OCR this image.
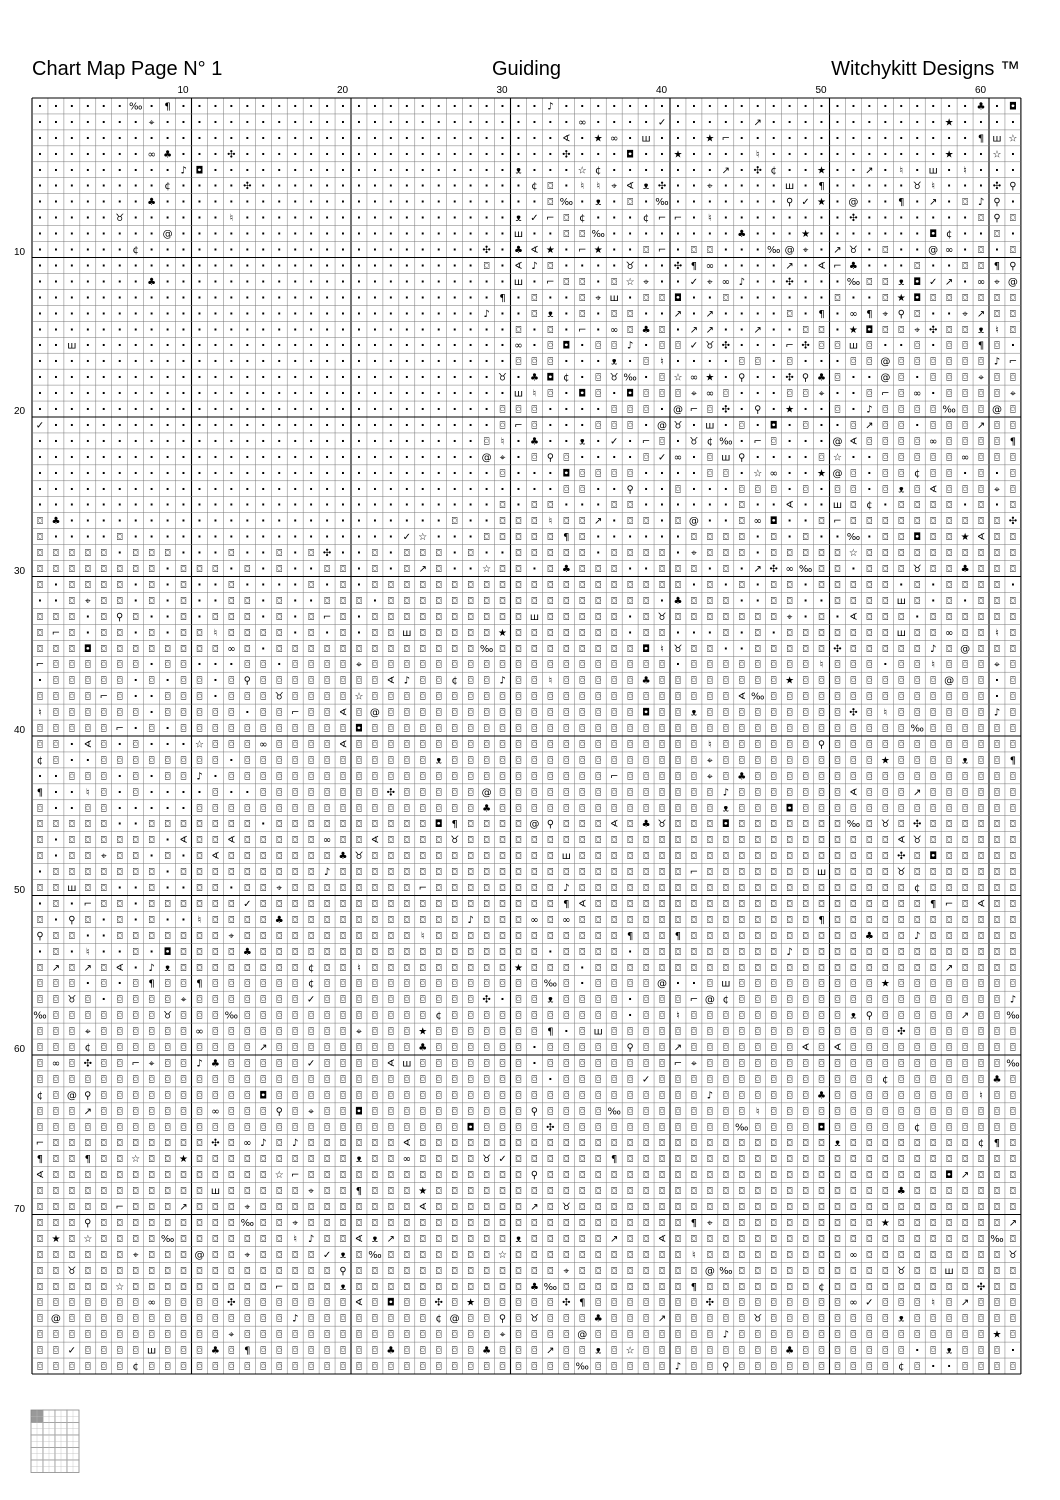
Chart Map Page N° 1	Guiding	Witchykitt Designs ™
10	20	30	40	50	60
10
20
30
40
50
60
70
· · · · · · ‰ · ¶ · · · · · · · · · · · · · · · · · · · · · · · ♪ · · · · · · · · · · · · · · · · · · · · · · · · · · ♣ · ◘
· · · · · · · ⌖ · · · · · · · · · · · · · · · · · · · · · · · · · · ∞ · · · · ✓ · · · · · ↗ · · · · · · · · · · · ★ · · · ·
· · · · · · · · · · · · · · · · · · · · · · · · · · · · · · · · · ∢ · ★ ∞ · ш · · · ★ ⌐ · · · · · · · · · · · · · · · ¶ ш ☆
· · · · · · · ∞ ♣ · · · ✣ · · · · · · · · · · · · · · · · · · · · ✣ · · · ◘ · · ★ · · · · ♮ · · · · · · · · · · · ★ · · ☆ ·
· · · · · · · · · ♪ ◘ · · · · · · · · · · · · · · · · · · · ᴥ · · · ☆ ¢ · · · · · · · ↗ · ✣ ¢ · · ★ · · ↗ · ♮ · ш · ♮ · · ·
· · · · · · · · ¢ · · · · ✣ · · · · · · · · · · · · · · · · · ¢ ⌼ · ♮ ♮ ⌖ ∢ ᴥ ✣ · · ⌖ · · · · ш · ¶ · · · · · ♉ ♮ · · · ✣ ⚲
· · · · · · · ♣ · · · · · · · · · · · · · · · · · · · · · · · · ⌼ ‰ · ᴥ · ⌼ · ‰ · · · · · · · ⚲ ✓ ★ · @ · · ¶ · ↗ · ⌼ ♪ ⚲ ·
· · · · · ♉ · · · · · · ♮ · · · · · · · · · · · · · · · · · ᴥ ✓ ⌐ ⌼ ¢ · · · ¢ ⌐ ⌐ · ♮ · · · · · · · · ✣ · · · · · · · ⌼ ⚲ ⌼
· · · · · · · · @ · · · · · · · · · · · · · · · · · · · · · ш · · ⌼ ⌼ ‰ · · · · · · · · ♣ · · · ★ · · · · · · · ◘ ¢ · · ⌼ ·
· · · · · · ¢ · · · · · · · · · · · · · · · · · · · · · ✣ · ♣ ∢ ★ · ⌐ ★ · · ⌼ ⌐ · ⌼ ⌼ · · · ‰ @ ⌖ · ↗ ♉ · ⌼ · · @ ∞ · ⌼ · ⌼
· · · · · · · · · · · · · · · · · · · · · · · · · · · · ⌼ · ∢ ♪ ⌼ · · · · ♉ · · ✣ ¶ ∞ · · · · ↗ · ∢ ⌐ ♣ · · · ⌼ · · ⌼ ⌼ ¶ ⚲
· · · · · · · ♣ · · · · · · · · · · · · · · · · · · · · · · ш · ⌐ ⌼ ⌼ · ⌼ ☆ ⌖ · · ✓ ⌖ ∞ ♪ · · ✣ · · · ‰ ⌼ ⌼ ᴥ ◘ ✓ ↗ · ∞ ⌖ @
· · · · · · · · · · · · · · · · · · · · · · · · · · · · · ¶ · ⌼ · · ⌼ ⌖ ш · ⌼ ⌼ ◘ · · ⌼ · · · · · · ⌼ · · ⌼ ★ ◘ ⌼ ⌼ ⌼ ⌼ ⌼ ⌼
· · · · · · · · · · · · · · · · · · · · · · · · · · · · ♪ · · ⌼ ᴥ · ⌼ · ⌼ ⌼ · · ↗ · ↗ · · · · ⌼ · ¶ · ∞ ¶ ⌖ ⚲ ⌼ · · ⌖ ↗ ⌼ ⌼
· · · · · · · · · · · · · · · · · · · · · · · · · · · · · · ⌼ · ⌼ · ⌐ · ∞ ⌼ ♣ ⌼ · ↗ ↗ · · ↗ · · ⌼ ⌼ · ★ ◘ ⌼ ⌼ ⌖ ✣ ⌼ ⌼ ᴥ ♮ ⌼
· · ш · · · · · · · · · · · · · · · · · · · · · · · · · · · ∞ · ⌼ ◘ · ⌼ ⌼ ♪ · ⌼ ⌼ ✓ ♉ ✣ · · · ⌐ ✣ ⌼ ⌼ ш ⌼ · · ⌼ · ⌼ ⌼ ¶ ⌼ ·
· · · · · · · · · · · · · · · · · · · · · · · · · · · · · · ⌼ ⌼ ⌼ · · · ᴥ · ⌼ ♮ · · · · ⌼ ⌼ · ⌼ · · · ⌼ ⌼ @ ⌼ ⌼ ⌼ ⌼ ⌼ ⌼ ♪ ⌐
· · · · · · · · · · · · · · · · · · · · · · · · · · · · · ♉ · ♣ ◘ ¢ · ⌼ ♉ ‰ · ⌼ ☆ ∞ ★ · ⚲ · · ✣ ⚲ ♣ ⌼ · · @ ⌼ · ⌼ ⌼ ⌼ ⌖ ⌼ ⌼
· · · · · · · · · · · · · · · · · · · · · · · · · · · · · · ш ♮ ⌼ · ◘ ⌼ · ◘ ⌼ ⌼ ⌼ ⌖ ∞ ⌼ · · · ⌼ ⌼ ⌖ · · ⌼ ⌐ ⌼ ∞ · ⌼ ⌼ ⌼ ⌼ ⌖
· · · · · · · · · · · · · · · · · · · · · · · · · · · · · ⌼ ⌼ ⌼ · · · · ⌼ ⌼ ⌼ · @ ⌐ ⌼ ✣ · ⚲ · ★ · · ⌼ · ♪ ⌼ ⌼ ⌼ ⌼ ‰ ⌼ ⌼ @ ⌼
✓ · · · · · · · · · · · · · · · · · · · · · · · · · · · · ⌼ ⌐ ⌼ · · · ⌼ ⌼ ⌼ · @ ♉ · ш · ⌼ · ◘ · ⌼ · · ⌼ ↗ ⌼ ⌼ · ⌼ ⌼ ⌼ ↗ ⌼ ⌼
· · · · · · · · · · · · · · · · · · · · · · · · · · · · ⌼ ♮ · ♣ · · ᴥ · ✓ · ⌐ ⌼ · ♉ ¢ ‰ · ⌐ ⌼ · · · @ ∢ ⌼ ⌼ ⌼ ⌼ ∞ ⌼ ⌼ ⌼ ⌼ ¶
· · · · · · · · · · · · · · · · · · · · · · · · · · · · @ ⌖ · ⌼ ⚲ ⌼ · · · · ⌼ ✓ ∞ · ⌼ ш ⚲ · · · · ⌼ ☆ · · ⌼ ⌼ ⌼ ⌼ ⌼ ∞ ⌼ ⌼ ⌼
· · · · · · · · · · · · · · · · · · · · · · · · · · · · · ⌼ · · · ◘ ⌼ ⌼ ⌼ ⌼ · · · · ⌼ ⌼ · ☆ ∞ · · ★ @ ⌼ · ⌼ ⌼ ¢ ⌼ ⌼ · ⌼ · ⌼
· · · · · · · · · · · · · · · · · · · · · · · · · · · · · · · · · ⌼ ⌼ · · ⚲ · · ⌼ · · · ⌼ ⌼ ⌼ · ⌼ · ⌼ ⌼ · ⌼ ᴥ ⌼ ∢ ⌼ ⌼ ⌼ ⌖ ⌼
· · · · · · · · · · · · · · · · · · · · · · · · · · · · · ⌼ · ⌼ ⌼ · · · ⌼ ⌼ · · · · · · ⌼ · · ∢ · · ш ⌼ ¢ · ⌼ ⌼ ⌼ ⌼ · ⌼ · ⌼
⌼ ♣ · · · · · · · · · · · · · · · · · · · · · · · · ⌼ · · ⌼ ⌼ ⌼ ♮ ⌼ ⌼ ↗ · ⌼ ⌼ · ⌼ @ · · ⌼ ∞ ◘ · · ⌼ ⌐ ⌼ ⌼ ⌼ ⌼ ⌼ ⌼ ⌼ ⌼ ⌼ ⌼ ✣
⌼ · · · · ⌼ · · · · · · · · · · · · · · · · · ✓ ☆ · · · ⌼ ⌼ ⌼ ⌼ ⌼ ¶ ⌼ · · · · · · ⌼ ⌼ ⌼ ⌼ · ⌼ · ⌼ · · ‰ · ⌼ ⌼ ◘ ⌼ ⌼ ★ ∢ ⌼ ⌼
⌼ ⌼ ⌼ ⌼ ⌼ · ⌼ ⌼ ⌼ · · · ⌼ · · ⌼ · ⌼ ✣ · · ⌼ · ⌼ ⌼ ⌼ · ⌼ · · ⌼ ⌼ ⌼ ⌼ ⌼ · ⌼ ⌼ ⌼ ⌼ · ⌖ ⌼ ⌼ ⌼ · ⌼ ⌼ ⌼ ⌼ ⌼ ☆ ⌼ ⌼ ⌼ ⌼ ⌼ ⌼ ⌼ ⌼ ⌼ ⌼
⌼ ⌼ ⌼ ⌼ ⌼ ⌼ ⌼ ⌼ · ⌼ ⌼ ⌼ · ⌼ · ⌼ · · ⌼ ⌼ · ⌼ · ⌼ ↗ ⌼ · · ☆ ⌼ ⌼ · ⌼ ♣ ⌼ ⌼ ⌼ · · ⌼ ⌼ ⌼ · ⌼ · ↗ ✣ ∞ ‰ ⌼ ⌼ · ⌼ ⌼ ⌼ ♉ ⌼ ⌼ ♣ ⌼ ⌼ ⌼
⌼ · ⌼ ⌼ ⌼ ⌼ · ⌼ · ⌼ · · ⌼ · · · · ⌼ · ⌼ · ⌼ ⌼ ⌼ ⌼ ⌼ ⌼ ⌼ ⌼ ⌼ ⌼ ⌼ ⌼ ⌼ ⌼ ⌼ ⌼ ⌼ ⌼ ⌼ ⌼ · ⌼ · ⌼ · ⌼ ⌼ · ⌼ ⌼ ⌼ ⌼ ⌼ · ⌼ · ⌼ ⌼ ⌼ ⌼ ·
· · ⌼ ⌖ ⌼ ⌼ · ⌼ · ⌼ · · ⌼ ⌼ · ⌼ · · ⌼ ⌼ ⌼ · ⌼ ⌼ ⌼ ⌼ ⌼ ⌼ ⌼ ⌼ ⌼ ⌼ ⌼ ⌼ ⌼ ⌼ ⌼ ⌼ ⌼ · ♣ ⌼ ⌼ ⌼ · · ⌼ ⌼ · · ⌼ ⌼ ⌼ ⌼ ш ⌼ · ⌼ · ⌼ ⌼ ⌼
⌼ ⌼ ⌼ · ⌼ ⚲ ⌼ · · ⌼ · ⌼ ⌼ ⌼ · ⌼ · ⌼ ⌐ ⌼ · ⌼ ⌼ ⌼ ⌼ ⌼ ⌼ ⌼ ⌼ ⌼ ⌼ ш ⌼ ⌼ ⌼ ⌼ ⌼ · ⌼ ♉ ⌼ ⌼ ⌼ ⌼ ⌼ ⌼ ⌼ ⌖ · ⌼ · ∢ ⌼ ⌼ ⌼ · ⌼ ⌼ ⌼ ⌼ ⌼ ⌼
⌼ ⌐ ⌼ · ⌼ ⌼ · ⌼ · ⌼ ⌼ ♮ ⌼ ⌼ ⌼ ⌼ · ⌼ · ⌼ · ⌼ ⌼ ш ⌼ ⌼ ⌼ ⌼ ⌼ ★ ⌼ ⌼ ⌼ ⌼ ⌼ ⌼ ⌼ · ⌼ ⌼ · · · ⌼ · ⌼ · ⌼ ⌼ ⌼ ⌼ ⌼ ⌼ ⌼ ш ⌼ ⌼ ∞ ⌼ ⌼ ♮ ⌼
⌼ ⌼ ⌼ ◘ ⌼ ⌼ ⌼ ⌼ ⌼ ⌼ ⌼ ⌼ ∞ ⌼ · ⌼ ⌼ ⌼ ⌼ ⌼ ⌼ ⌼ ⌼ ⌼ ⌼ ⌼ ⌼ ⌼ ‰ ⌼ ⌼ ⌼ ⌼ ⌼ ⌼ ⌼ ⌼ ⌼ ◘ ♮ ♉ ⌼ ⌼ · · ⌼ ⌼ ⌼ ⌼ ⌼ ✣ ⌼ ⌼ ⌼ ⌼ ⌼ ♪ ⌼ @ ⌼ ⌼ ⌼
⌐ ⌼ ⌼ ⌼ ⌼ ⌼ ⌼ · ⌼ ⌼ · · · ⌼ ⌼ · ⌼ ⌼ ⌼ ⌼ ⌖ ⌼ ⌼ ⌼ ⌼ ⌼ ⌼ ⌼ ⌼ ⌼ ⌼ ⌼ ⌼ ⌼ ⌼ ⌼ ⌼ ⌼ ⌼ ⌼ · ⌼ ⌼ ⌼ ⌼ ⌼ ⌼ ⌼ ⌼ ♮ ⌼ ⌼ ⌼ · ⌼ ⌼ ♮ ⌼ ⌼ ⌼ ⌖ ⌼
· ⌼ ⌼ ⌼ ⌼ ⌼ · ⌼ · ⌼ ⌼ · ⌼ ⚲ ⌼ ⌼ ⌼ ⌼ ⌼ ⌼ ⌼ ⌼ ∢ ♪ ⌼ ⌼ ¢ ⌼ ⌼ ♪ ⌼ ⌼ ♮ ⌼ ⌼ ⌼ ⌼ ⌼ ♣ ⌼ ⌼ ⌼ ⌼ ⌼ ⌼ ⌼ ⌼ ★ ⌼ ⌼ ⌼ ⌼ ⌼ ⌼ ⌼ ⌼ ⌼ @ ⌼ ⌼ · ⌼
⌼ ⌼ ⌼ ⌼ ⌐ ⌼ · · ⌼ ⌼ ⌼ · ⌼ ⌼ ⌼ ♉ ⌼ ⌼ ⌼ ⌼ ☆ ⌼ ⌼ ⌼ ⌼ ⌼ ⌼ ⌼ ⌼ ⌼ ⌼ ⌼ ⌼ ⌼ ⌼ ⌼ ⌼ ⌼ ⌼ ⌼ ⌼ ⌼ ⌼ ⌼ ∢ ‰ ⌼ ⌼ ⌼ ⌼ ⌼ ⌼ ⌼ ⌼ ⌼ ⌼ ⌼ ⌼ ⌼ ⌼ · ⌼
♮ ⌼ ⌼ ⌼ ⌼ ⌼ ⌼ · ⌼ ⌼ ⌼ ⌼ ⌼ · ⌼ ⌼ ⌐ ⌼ ⌼ ∢ ⌼ @ ⌼ ⌼ ⌼ ⌼ ⌼ ⌼ ⌼ ⌼ ⌼ ⌼ ⌼ ⌼ ⌼ ⌼ ⌼ ⌼ ◘ ⌼ ⌼ ᴥ ⌼ ⌼ ⌼ ⌼ ⌼ ⌼ ⌼ ⌼ ⌼ ✣ ⌼ ♮ ⌼ ⌼ ⌼ ⌼ ⌼ ⌼ ♪ ⌼
⌼ ⌼ ⌼ ⌼ ⌼ ⌐ · ⌼ · ⌼ ⌼ ⌼ ⌼ ⌼ ⌼ ⌼ ⌼ ⌼ ⌼ ⌼ ◘ ⌼ ⌼ ⌼ ⌼ ⌼ ⌼ ⌼ ⌼ ⌼ ⌼ ⌼ ⌼ ⌼ ⌼ ⌼ ⌼ ⌼ ⌼ ⌼ ⌼ ⌼ ⌼ ⌼ ⌼ ⌼ ⌼ ⌼ ⌼ ⌼ ⌼ ⌼ ⌼ ⌼ ⌼ ‰ ⌼ ⌼ ⌼ ⌼ ⌼ ⌼
⌼ ⌼ · ∢ ⌼ · ⌼ · · · ☆ ⌼ ⌼ ⌼ ∞ ⌼ ⌼ ⌼ ⌼ ∢ ⌼ ⌼ ⌼ ⌼ ⌼ ⌼ ⌼ ⌼ ⌼ ⌼ ⌼ ⌼ ⌼ ⌼ ⌼ ⌼ ⌼ ⌼ ⌼ ⌼ ⌼ ⌼ ♮ ⌼ ⌼ ⌼ ⌼ ⌼ ⌼ ⚲ ⌼ ⌼ ⌼ ⌼ ⌼ ⌼ ⌼ ⌼ ⌼ ⌼ ⌼ ⌼
¢ ⌼ · · ⌼ ⌼ ⌼ ⌼ ⌼ ⌼ ⌼ ⌼ · ⌼ ⌼ ⌼ ⌼ ⌼ ⌼ ⌼ ⌼ ⌼ ⌼ ⌼ ⌼ ᴥ ⌼ ⌼ ⌼ ⌼ ⌼ ⌼ ⌼ ⌼ ⌼ ⌼ ⌼ ⌼ ⌼ ⌼ ⌼ ⌼ ⌖ ⌼ ⌼ ⌼ ⌼ ⌼ ⌼ ⌼ ⌼ ⌼ ⌼ ★ ⌼ ⌼ ⌼ ⌼ ᴥ ⌼ ⌼ ¶
· · ⌼ ⌼ ⌼ · ⌼ · ⌼ ⌼ ♪ · ⌼ ⌼ ⌼ ⌼ ⌼ ⌼ ⌼ ⌼ ⌼ ⌼ ⌼ ⌼ ⌼ ⌼ ⌼ ⌼ ⌼ ⌼ ⌼ ⌼ ⌼ ⌼ ⌼ ⌼ ⌐ ⌼ ⌼ ⌼ ⌼ ⌼ ⌖ ⌼ ♣ ⌼ ⌼ ⌼ ⌼ ⌼ ⌼ ⌼ ⌼ ⌼ ⌼ ⌼ ⌼ ⌼ ⌼ ⌼ ⌼ ⌼
¶ · · ♮ ⌼ · ⌼ · · · · ⌼ · · ⌼ ⌼ ⌼ ⌼ ⌼ ⌼ ⌼ ⌼ ✣ ⌼ ⌼ ⌼ ⌼ ⌼ @ ⌼ ⌼ ⌼ ⌼ ⌼ ⌼ ⌼ ⌼ ⌼ ⌼ ⌼ ⌼ ⌼ ⌼ ♪ ⌼ ⌼ ⌼ ⌼ ⌼ ⌼ ⌼ ∢ ⌼ ⌼ ⌼ ↗ ⌼ ⌼ ⌼ ⌼ ⌼ ⌼
⌼ · · ⌼ ⌼ · · · · · ⌼ ⌼ ⌼ ⌼ ⌼ ⌼ ⌼ ⌼ ⌼ ⌼ ⌼ ⌼ ⌼ ⌼ ⌼ ⌼ ⌼ ⌼ ♣ ⌼ ⌼ ⌼ ⌼ ⌼ ⌼ ⌼ ⌼ ⌼ ⌼ ⌼ ⌼ ⌼ ⌼ ᴥ ⌼ ⌼ ⌼ ◘ ⌼ ⌼ ⌼ ⌼ ⌼ ⌼ ⌼ ⌼ ⌼ ⌼ ⌼ ⌼ ⌼ ⌼
⌼ ⌼ ⌼ ⌼ ⌼ · · ⌼ ⌼ ⌼ ⌼ ⌼ ⌼ ⌼ · ⌼ ⌼ ⌼ ⌼ ⌼ ⌼ ⌼ ⌼ ⌼ ⌼ ◘ ¶ ⌼ ⌼ ⌼ ⌼ @ ⚲ ⌼ ⌼ ⌼ ∢ ⌼ ♣ ♉ ⌼ ⌼ ⌼ ◘ ⌼ ⌼ ⌼ ⌼ ⌼ ⌼ ⌼ ‰ ⌼ ♉ ⌼ ✣ ⌼ ⌼ ⌼ ⌼ ⌼ ⌼
⌼ · ⌼ ⌼ ⌼ ⌼ ⌼ ⌼ · ∢ ⌼ ⌼ ∢ ⌼ ⌼ ⌼ ⌼ ⌼ ∞ ⌼ ⌼ ∢ ⌼ ⌼ ⌼ ⌼ ♉ ⌼ ⌼ ⌼ ⌼ ⌼ ⌼ ⌼ ⌼ ⌼ ⌼ ⌼ ⌼ ⌼ ⌼ ⌼ ⌼ ⌼ ⌼ ⌼ ⌼ ⌼ ⌼ ⌼ ⌼ ⌼ ⌼ ⌼ ∢ ♉ ⌼ ⌼ ⌼ ⌼ ⌼ ⌼
⌼ · ⌼ ⌼ ⌖ ⌼ ⌼ · ⌼ · ⌼ ∢ ⌼ ⌼ ⌼ ⌼ ⌼ ⌼ ⌼ ♣ ♉ ⌼ ⌼ ⌼ ⌼ ⌼ ⌼ ⌼ ⌼ ⌼ ⌼ ⌼ ⌼ ш ⌼ ⌼ ⌼ ⌼ ⌼ ⌼ ⌼ ⌼ ⌼ ⌼ ⌼ ⌼ ⌼ ⌼ ⌼ ⌼ ⌼ ⌼ ⌼ ⌼ ✣ ⌼ ◘ ⌼ ⌼ ⌼ ⌼ ⌼
· ⌼ ⌼ ⌼ ⌼ ⌼ ⌼ ⌼ · ⌼ ⌼ ⌼ ⌼ ⌼ ⌼ ⌼ ⌼ ⌼ ♪ ⌼ ⌼ ⌼ ⌼ ⌼ ⌼ ⌼ ⌼ ⌼ ⌼ ⌼ ⌼ ⌼ ⌼ ⌼ ⌼ ⌼ ⌼ ⌼ ⌼ ⌼ ⌼ ⌐ ⌼ ⌼ ⌼ ⌼ ⌼ ⌼ ⌼ ш ⌼ ⌼ ⌼ ⌼ ♉ ⌼ ⌼ ⌼ ⌼ ⌼ ⌼ ⌼
⌼ ⌼ ш ⌼ ⌼ · · ⌼ · · ⌼ ⌼ · ⌼ ⌼ ⌖ ⌼ ⌼ ⌼ ⌼ ⌼ ⌼ ⌼ ⌼ ⌐ ⌼ ⌼ ⌼ ⌼ ⌼ ⌼ ⌼ ⌼ ♪ ⌼ ⌼ ⌼ ⌼ ⌼ ⌼ ⌼ ⌼ ⌼ ⌼ ⌼ ⌼ ⌼ ⌼ ⌼ ⌼ ⌼ ⌼ ⌼ ⌼ ⌼ ¢ ⌼ ⌼ ⌼ ⌼ ⌼ ⌼
· ⌼ · ⌐ ⌼ ⌼ · ⌼ ⌼ ⌼ ⌼ ⌼ ⌼ ✓ ⌼ ⌼ ⌼ ⌼ ⌼ ⌼ ⌼ ⌼ ⌼ ⌼ ⌼ ⌼ ⌼ ⌼ ⌼ ⌼ ⌼ ⌼ ⌼ ¶ ∢ ⌼ ⌼ ⌼ ⌼ ⌼ ⌼ ⌼ ⌼ ⌼ ⌼ ⌼ ⌼ ⌼ ⌼ ⌼ ⌼ ⌼ ⌼ ⌼ ⌼ ⌼ ¶ ⌐ ⌼ ∢ ⌼ ⌼
⌼ · ⚲ ⌼ · ⌼ · ⌼ · · ♮ ⌼ ⌼ ⌼ ⌼ ♣ ⌼ ⌼ ⌼ ⌼ ⌼ ⌼ ⌼ ⌼ ⌼ ⌼ ⌼ ♪ ⌼ ⌼ ⌼ ∞ ⌼ ∞ ⌼ ⌼ ⌼ ⌼ ⌼ ⌼ ⌼ ⌼ ⌼ ⌼ ⌼ ⌼ ⌼ ⌼ ⌼ ¶ ⌼ ⌼ ⌼ ⌼ ⌼ ⌼ ⌼ ⌼ ⌼ ⌼ ⌼ ⌼
⚲ ⌼ ⌼ · · ⌼ ⌼ ⌼ ⌼ ⌼ ⌼ ⌼ ⌖ ⌼ ⌼ ⌼ ⌼ ⌼ ⌼ ⌼ ⌼ ⌼ ⌼ ⌼ ♮ ⌼ ⌼ ⌼ ⌼ ⌼ ⌼ ⌼ ⌼ ⌼ ⌼ ⌼ ⌼ ¶ ⌼ ⌼ ¶ ⌼ ⌼ ⌼ ⌼ ⌼ ⌼ ⌼ ⌼ ⌼ ⌼ ⌼ ♣ ⌼ ⌼ ♪ ⌼ ⌼ ⌼ ⌼ ⌼ ⌼
· ⌼ · ♮ · · ⌼ · ◘ ⌼ ⌼ ⌼ ⌼ ♣ ⌼ ⌼ ⌼ ⌼ ⌼ ⌼ ⌼ ⌼ ⌼ ⌼ ⌼ ⌼ ⌼ ⌼ ⌼ ⌼ ⌼ ⌼ · ⌼ ⌼ ⌼ ⌼ · ⌼ ⌼ ⌼ ⌼ ⌼ ⌼ ⌼ ⌼ ⌼ ♪ ⌼ ⌼ ⌼ ⌼ ⌼ ⌼ ⌼ ⌼ ⌼ ⌼ ⌼ ⌼ ⌼ ⌼
⌼ ↗ ⌼ ↗ ⌼ ∢ · ♪ ᴥ ⌼ ⌼ ⌼ ⌼ ⌼ ⌼ ⌼ ⌼ ¢ ⌼ ⌼ ♮ ⌼ ⌼ ⌼ ⌼ ⌼ ⌼ ⌼ ⌼ ⌼ ★ ⌼ ⌼ ⌼ · ⌼ ⌼ ⌼ ⌼ ⌼ ⌼ ⌼ ⌼ ⌼ ⌼ ⌼ ⌼ ⌼ ⌼ ⌼ ⌼ ⌼ ⌼ ⌼ ⌼ ⌼ ⌼ ↗ ⌼ ⌼ ⌼ ⌼
⌼ ⌼ ⌼ · ⌼ · ⌼ ¶ ⌼ ⌼ ¶ ⌼ ⌼ ⌼ ⌼ ⌼ ⌼ ¢ ⌼ ⌼ ⌼ ⌼ ⌼ ⌼ ⌼ ⌼ ⌼ ⌼ ⌼ ⌼ ⌼ ⌼ ‰ ⌼ · ⌼ ⌼ ⌼ ⌼ @ · · ⌼ ш ⌼ ⌼ ⌼ ⌼ ⌼ ⌼ ⌼ ⌼ ⌼ ★ ⌼ ⌼ ⌼ ⌼ ⌼ ⌼ ⌼ ⌼
⌼ ⌼ ♉ ⌼ · ⌼ ⌼ ⌼ ⌼ ⌖ ⌼ ⌼ ⌼ ⌼ ⌼ ⌼ ⌼ ✓ ⌼ ⌼ ⌼ ⌼ ⌼ ⌼ ⌼ ⌼ ⌼ ⌼ ✣ · ⌼ ⌼ ᴥ ⌼ ⌼ ⌼ ⌼ · ⌼ ⌼ ⌼ ⌐ @ ¢ ⌼ ⌼ ⌼ ⌼ ⌼ ⌼ ⌼ ⌼ ⌼ ⌼ ⌼ ⌼ ⌼ ⌼ ⌼ ⌼ ⌼ ♪
‰ ⌼ ⌼ ⌼ ⌼ ⌼ ⌼ ⌼ ♉ ⌼ ⌼ ⌼ ‰ ⌼ ⌼ ⌼ ⌼ ⌼ ⌼ ⌼ ⌼ ⌼ ⌼ ⌼ ⌼ ¢ ⌼ ⌼ ⌼ ⌼ ⌼ ⌼ ⌼ ⌼ ⌼ ⌼ ⌼ · ⌼ ⌼ ♮ ⌼ ⌼ ⌼ ⌼ ⌼ ⌼ ⌼ ⌼ ⌼ ⌼ ᴥ ⚲ ⌼ ⌼ ⌼ ⌼ ⌼ ↗ ⌼ ⌼ ‰
⌼ ⌼ ⌼ ⌖ ⌼ ⌼ ⌼ ⌼ ⌼ ⌼ ∞ ⌼ ⌼ ⌼ ⌼ ⌼ ⌼ ⌼ ⌼ ⌼ ⌖ ⌼ ⌼ ⌼ ★ ⌼ ⌼ ⌼ ⌼ ⌼ ⌼ ⌼ ¶ · ⌼ ш ⌼ ⌼ ⌼ ⌼ ⌼ ⌼ ⌼ ⌼ ⌼ ⌼ ⌼ ⌼ ⌼ ⌼ ⌼ ⌼ ⌼ ⌼ ✣ ⌼ ⌼ ⌼ ⌼ ⌼ ⌼ ⌼
⌼ ⌼ ⌼ ¢ ⌼ ⌼ ⌼ ⌼ ⌼ ⌼ ⌼ ⌼ ⌼ ⌼ ↗ ⌼ ⌼ ⌼ ⌼ ⌼ ⌼ ⌼ ⌼ ⌼ ♣ ⌼ ⌼ ⌼ ⌼ ⌼ ⌼ · ⌼ ⌼ ⌼ ⌼ ⌼ ⚲ ⌼ ⌼ ↗ ⌼ ⌼ ⌼ ⌼ ⌼ ⌼ ⌼ ∢ ⌼ ∢ ⌼ ⌼ ⌼ ⌼ ⌼ ⌼ ⌼ ⌼ ⌼ ⌼ ⌼
⌼ ∞ ⌼ ✣ ⌼ ⌼ ⌐ ⌖ ⌼ ⌼ ♪ ♣ ⌼ ⌼ ⌼ ⌼ ⌼ ✓ ⌼ ⌼ ⌼ ⌼ ∢ ш ⌼ ⌼ ⌼ ⌼ ⌼ ⌼ ⌼ · ⌼ ⌼ ⌼ ⌼ ⌼ ⌼ ⌼ ⌼ ⌐ ⌖ ⌼ ⌼ ⌼ ⌼ ⌼ ⌼ ⌼ ⌼ ⌼ ⌼ ⌼ ⌼ ⌼ ⌼ ⌼ ⌼ ⌼ ⌼ ⌼ ‰
⌼ ⌼ ⌼ ⌼ ⌼ ⌼ ⌼ ⌼ ⌼ ⌼ ⌼ ⌼ ⌼ ⌼ ⌼ ⌼ ⌼ ⌼ ⌼ ⌼ ⌼ ⌼ ⌼ ⌼ ⌼ ⌼ ⌼ ⌼ ⌼ ⌼ ⌼ ⌼ · ⌼ ⌼ ⌼ ⌼ ⌼ ✓ ⌼ ⌼ ⌼ ⌼ ⌼ ⌼ ⌼ ⌼ ⌼ ⌼ ⌼ ⌼ ⌼ ⌼ ¢ ⌼ ⌼ ⌼ ⌼ ⌼ ⌼ ♣ ⌼
¢ ⌼ @ ⚲ ⌼ ⌼ ⌼ ⌼ ⌼ ⌼ ⌼ ⌼ ⌼ ⌼ ◘ ⌼ ⌼ ⌼ ⌼ ⌼ ⌼ ⌼ ⌼ ⌼ ⌼ ⌼ ⌼ ⌼ ⌼ ⌼ ⌼ ⌼ ⌼ ⌼ ⌼ ⌼ ⌼ ⌼ ⌼ ⌼ ⌼ ⌼ ♪ ⌼ ⌼ ⌼ ⌼ ⌼ ⌼ ♣ ⌼ ⌼ ⌼ ⌼ ⌼ ⌼ ⌼ ⌼ ⌼ ♮ ⌼ ⌼
⌼ ⌼ ⌼ ↗ ⌼ ⌼ ⌼ ⌼ ⌼ ⌼ ⌼ ∞ ⌼ ⌼ ⌼ ⚲ ⌼ ⌖ ⌼ ⌼ ◘ ⌼ ⌼ ⌼ ⌼ ⌼ ⌼ ⌼ ⌼ ⌼ ⌼ ⚲ ⌼ ⌼ ⌼ ⌼ ‰ ⌼ ⌼ ⌼ ⌼ ⌼ ⌼ ⌼ ⌼ ♮ ⌼ ⌼ ⌼ ⌼ ⌼ ⌼ ⌼ ⌼ ⌼ ⌼ ⌼ ⌼ ⌼ ⌼ ⌼ ⌼
⌼ ⌼ ⌼ ⌼ ⌼ ⌼ ⌼ ⌼ ⌼ ⌼ ⌼ ⌼ ⌼ ⌼ ⌼ ⌼ ⌼ ⌼ ⌼ ⌼ ⌼ ⌼ ⌼ ⌼ ⌼ ⌼ ⌼ ◘ ⌼ ⌼ ⌼ ⌼ ✣ ⌼ ⌼ ⌼ ⌼ ⌼ ⌼ ⌼ ⌼ ⌼ ⌼ ⌼ ‰ ⌼ ⌼ ⌼ ⌼ ◘ ⌼ ⌼ ⌼ ⌼ ⌼ ¢ ⌼ ⌼ ⌼ ⌼ ⌼ ⌼
⌐ ⌼ ⌼ ⌼ ⌼ ⌼ ⌼ ⌼ ⌼ ⌼ ⌼ ✣ ⌼ ∞ ♪ ⌼ ♪ ⌼ ⌼ ⌼ ⌼ ⌼ ⌼ ∢ ⌼ ⌼ ⌼ ⌼ ⌼ ⌼ ⌼ ⌼ ⌼ ⌼ ⌼ ⌼ ⌼ ⌼ ⌼ ⌼ ⌼ ⌼ ⌼ ⌼ ⌼ ⌼ ⌼ ⌼ ⌼ ⌼ ᴥ ⌼ ⌼ ⌼ ⌼ ⌼ ⌼ ⌼ ⌼ ¢ ¶ ⌼
¶ ⌼ ⌼ ¶ ⌼ ⌼ ☆ ⌼ ⌼ ★ ⌼ ⌼ ⌼ ⌼ ⌼ ⌼ ⌼ ⌼ ⌼ ⌼ ᴥ ⌼ ⌼ ∞ ⌼ ⌼ ⌼ ⌼ ♉ ✓ ⌼ ⌼ ⌼ ⌼ ⌼ ⌼ ¶ ⌼ ⌼ ⌼ ⌼ ⌼ ⌼ ⌼ ⌼ ⌼ ⌼ ⌼ ⌼ ⌼ ⌼ ⌼ ⌼ ⌼ ⌼ ⌼ ⌼ ⌼ ⌼ ⌼ ⌼ ⌼
∢ ⌼ ⌼ ⌼ ⌼ ⌼ ⌼ ⌼ ⌼ ⌼ ⌼ ⌼ ⌼ ⌼ ⌼ ☆ ⌐ ⌼ ⌼ ⌼ ⌼ ⌼ ⌼ ⌼ ⌼ ⌼ ⌼ ⌼ ⌼ ⌼ ⌼ ⚲ ⌼ ⌼ ⌼ ⌼ ⌼ ⌼ ⌼ ⌼ ⌼ ⌼ ⌼ ⌼ ⌼ ⌼ ⌼ ⌼ ⌼ ⌼ ⌼ ⌼ ⌼ ⌼ ⌼ ⌼ ⌼ ◘ ↗ ⌼ ⌼ ⌼
⌼ ⌼ ⌼ ⌼ ⌼ ⌼ ⌼ ⌼ ⌼ ⌼ ⌼ ш ⌼ ⌼ ⌼ ⌼ ⌼ ⌖ ⌼ ⌼ ¶ ⌼ ⌼ ⌼ ★ ⌼ ⌼ ⌼ ⌼ ⌼ ⌼ ⌼ ⌼ ⌼ ⌼ ⌼ ⌼ ⌼ ⌼ ⌼ ⌼ ⌼ ⌼ ⌼ ⌼ ⌼ ⌼ ⌼ ⌼ ⌼ ⌼ ⌼ ⌼ ⌼ ♣ ⌼ ⌼ ⌼ ⌼ ⌼ ⌼ ⌼
⌼ ⌼ ⌼ ⌼ ⌼ ⌐ ⌼ ⌼ ⌼ ↗ ⌼ ⌼ ⌼ ⌖ ⌼ ⌼ ⌼ ⌼ ⌼ ⌼ ⌼ ⌼ ⌼ ⌼ ∢ ⌼ ⌼ ⌼ ⌼ ⌼ ⌼ ↗ ⌼ ♉ ⌼ ⌼ ⌼ ⌼ ⌼ ⌼ ⌼ ⌼ ⌼ ⌼ ⌼ ⌼ ⌼ ⌼ ⌼ ⌼ ⌼ ⌼ ⌼ ⌼ ⌼ ⌼ ⌼ ⌼ ⌼ ⌼ ⌼ ⌼
⌼ ⌼ ⌼ ⚲ ⌼ ⌼ ⌼ ⌼ ⌼ ⌼ ⌼ ⌼ ⌼ ‰ ⌼ ⌼ ⌖ ⌼ ⌼ ⌼ ⌼ ⌼ ⌼ ⌼ ⌼ ⌼ ⌼ ⌼ ⌼ ⌼ ⌼ ⌼ ⌼ ⌼ ⌼ ⌼ ⌼ ⌼ ⌼ ⌼ ⌼ ¶ ⌖ ⌼ ⌼ ⌼ ⌼ ⌼ ⌼ ⌼ ⌼ ⌼ ⌼ ★ ⌼ ⌼ ⌼ ⌼ ⌼ ⌼ ⌼ ↗
⌼ ★ ⌼ ☆ ⌼ ⌼ ⌼ ⌼ ‰ ⌼ ⌼ ⌼ ⌼ ⌼ ⌼ ⌼ ♮ ♪ ⌼ ⌼ ∢ ᴥ ↗ ⌼ ⌼ ⌼ ⌼ ⌼ ⌼ ⌼ ᴥ ⌼ ⌼ ⌼ ⌼ ⌼ ↗ ⌼ ⌼ ∢ ⌼ ⌼ ⌼ ⌼ ⌼ ⌼ ⌼ ⌼ ⌼ ⌼ ⌼ ⌼ ⌼ ⌼ ⌼ ⌼ ⌼ ⌼ ⌼ ⌼ ‰ ⌼
⌼ ⌼ ⌼ ⌼ ⌼ ⌼ ⌖ ⌼ ⌼ ⌼ @ ⌼ ⌼ ⌖ ⌼ ⌼ ⌼ ⌼ ✓ ᴥ ⌼ ‰ ⌼ ⌼ ⌼ ⌼ ⌼ ⌼ ⌼ ☆ ⌼ ⌼ ⌼ ⌼ ⌼ ⌼ ⌼ ⌼ ⌼ ⌼ ⌼ ♮ ⌼ ⌼ ⌼ ⌼ ⌼ ⌼ ⌼ ⌼ ⌼ ∞ ⌼ ⌼ ⌼ ⌼ ⌼ ⌼ ⌼ ⌼ ⌼ ♉
⌼ ⌼ ♉ ⌼ ⌼ ⌼ ⌼ ⌼ ⌼ ⌼ ⌼ ⌼ ⌼ ⌼ ⌼ ⌼ ⌼ ⌼ ⌼ ⚲ ⌼ ⌼ ⌼ ⌼ ⌼ ⌼ ⌼ ⌼ ⌼ ⌼ ⌼ ⌼ ⌼ ⌖ ⌼ ⌼ ⌼ ⌼ ⌼ ⌼ ⌼ ⌼ @ ‰ ⌼ ⌼ ⌼ ⌼ ⌼ ⌼ ⌼ ⌼ ⌼ ⌼ ♉ ⌼ ⌼ ш ⌼ ⌼ ⌼ ⌼
⌼ ⌼ ⌼ ⌼ ⌼ ☆ ⌼ ⌼ ⌼ ⌼ ⌼ ⌼ ⌼ ⌼ ⌼ ⌐ ⌼ ⌼ ⌼ ᴥ ⌼ ⌼ ⌼ ⌼ ⌼ ⌼ ⌼ ⌼ ⌼ ⌼ ⌼ ♣ ‰ ⌼ ⌼ ⌼ ⌼ ⌼ ⌼ ⌼ ⌼ ¶ ⌼ ⌼ ⌼ ⌼ ⌼ ⌼ ⌼ ¢ ⌼ ⌼ ⌼ ⌼ ⌼ ⌼ ⌼ ⌼ ⌼ ✣ ⌼ ⌼
⌼ ⌼ ⌼ ⌼ ⌼ ⌼ ⌼ ∞ ⌼ ⌼ ⌼ ⌼ ✣ ⌼ ⌼ ⌼ ⌼ ⌼ ⌼ ⌼ ∢ ⌼ ◘ ⌼ ⌼ ✣ ⌼ ★ ⌼ ⌼ ⌼ ⌼ ⌼ ✣ ¶ ⌼ ⌼ ⌼ ⌼ ⌼ ⌼ ⌼ ✣ ⌼ ⌼ ⌼ ⌼ ⌼ ⌼ ⌼ ⌼ ∞ ✓ ⌼ ⌼ ⌼ ♮ ⌼ ↗ ⌼ ⌼ ⌼
⌼ @ ⌼ ⌼ ⌼ ⌼ ⌼ ⌼ ⌼ ⌼ ⌼ ⌼ ⌼ ⌼ ⌼ ⌼ ♪ ⌼ ⌼ ⌼ ⌼ ⌼ ⌼ ⌼ ⌼ ¢ @ ⌼ ⌼ ⚲ ⌼ ♉ ⌼ ⌼ ⌼ ♣ ⌼ ⌼ ⌼ ↗ ⌼ ⌼ ⌼ ⌼ ⌼ ♉ ⌼ ⌼ ⌼ ⌼ ⌼ ⌼ ⌼ ⌼ ᴥ ⌼ ⌼ ⌼ ⌼ ⌼ ⌼ ⌼
⌼ ⌼ ⌼ ⌼ ⌼ ⌼ ⌼ ⌼ ⌼ ⌼ ⌼ ⌼ ⌖ ⌼ ⌼ ⌼ ⌼ ⌼ ⌼ ⌼ ⌼ ⌼ ⌼ ⌼ ⌼ ⌼ ⌼ ⌼ ⌼ ⌖ ⌼ ⌼ ⌼ ⌼ @ ⌼ ⌼ ⌼ ⌼ ⌼ ⌼ ⌼ ⌼ ♪ ⌼ ⌼ ⌼ ⌼ ⌼ ⌼ ⌼ ⌼ ⌼ ⌼ ⌼ ⌼ ⌼ ⌼ ⌼ ⌼ ★ ⌼
⌼ ⌼ ✓ ⌼ ⌼ ⌼ ⌼ ш ⌼ ⌼ ⌼ ♣ ⌼ ¶ ⌼ ⌼ ⌼ ⌼ ⌼ ⌼ ⌼ ⌼ ♣ ⌼ ⌼ ⌼ ⌼ ⌼ ♣ ⌼ ⌼ ⌼ ↗ ⌼ ⌼ ᴥ ⌼ ☆ ⌼ ⌼ ⌼ ⌼ ⌼ ⌼ ⌼ ⌼ ⌼ ♣ ⌼ ⌼ ⌼ ⌼ ⌼ ⌼ ⌼ · ⌼ ᴥ ⌼ ⌼ ⌼ ·
⌼ ⌼ ⌼ ⌼ ⌼ ⌼ ¢ ⌼ ⌼ ⌼ ⌼ ⌼ ⌼ ⌼ ⌼ ⌼ ⌼ ⌼ ⌼ ⌼ ⌼ ⌼ ⌼ ⌼ ⌼ ⌼ ⌼ ⌼ ⌼ ⌼ ⌼ ⌼ ⌼ ⌼ ‰ ⌼ ⌼ ⌼ ⌼ ⌼ ♪ ⌼ ⌼ ⚲ ⌼ ⌼ ⌼ ⌼ ⌼ ⌼ ⌼ ⌼ ⌼ ⌼ ¢ ⌼ · · ⌼ ⌼ ⌼ ⌼
